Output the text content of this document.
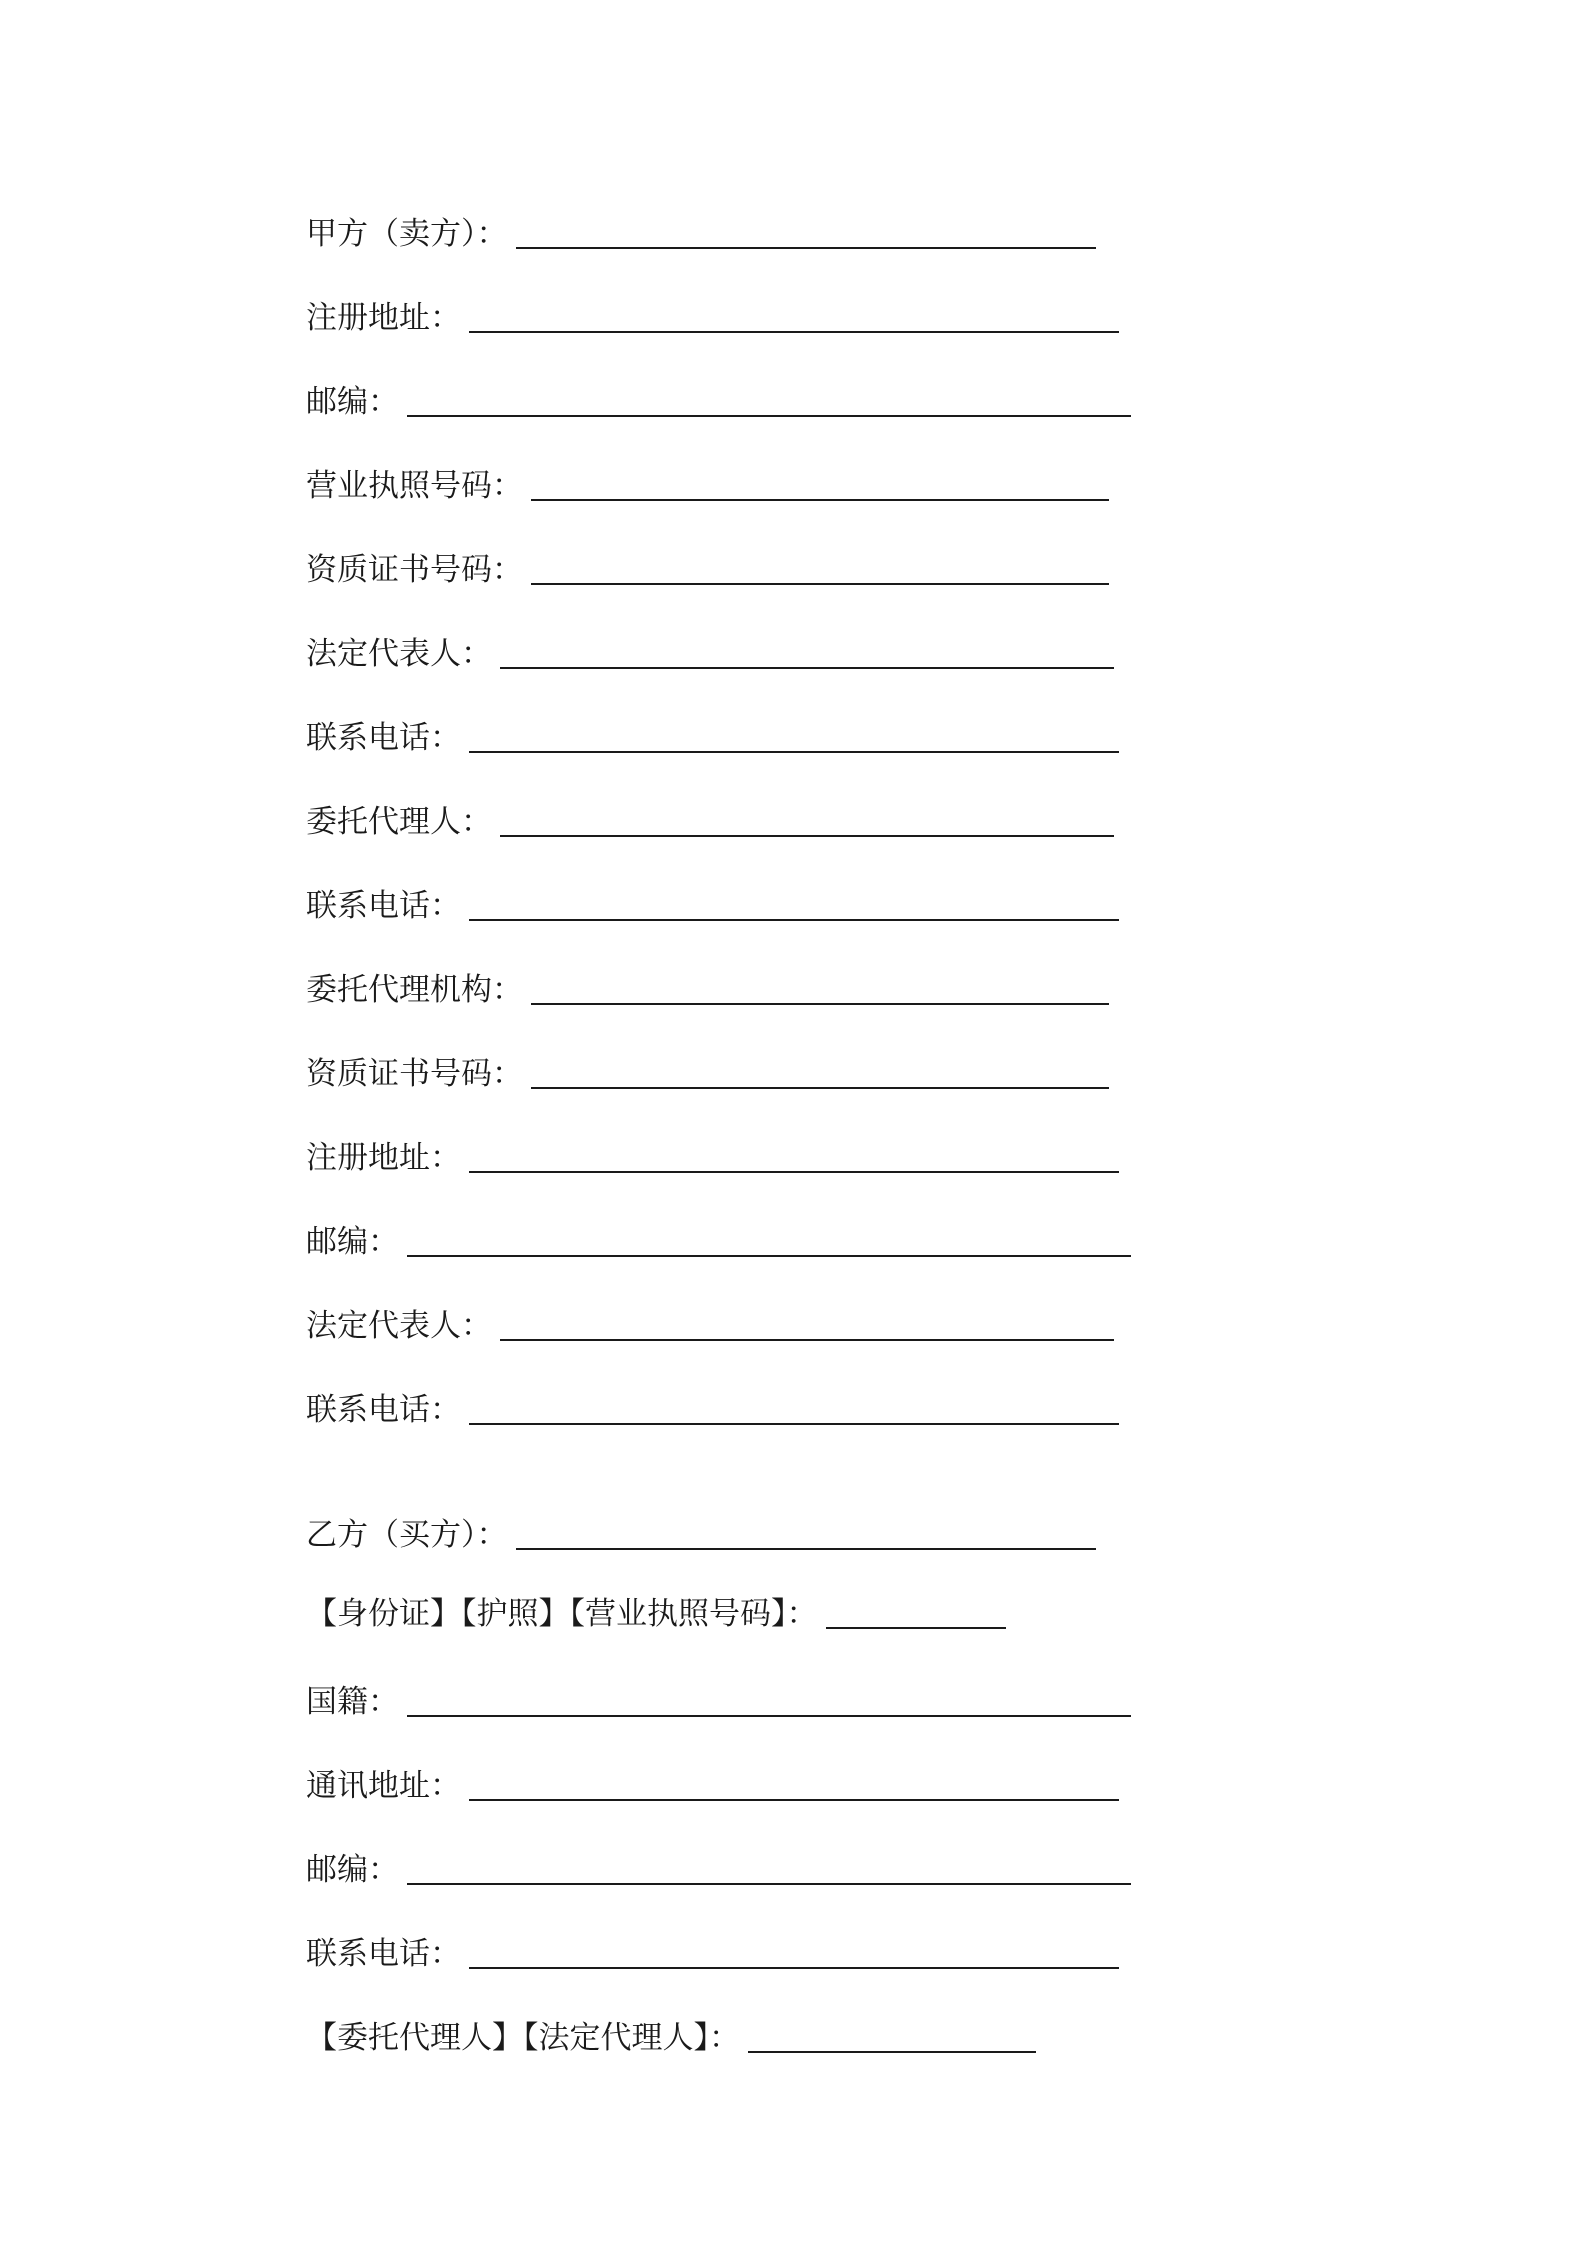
甲方（卖方）：
注册地址：
邮编：
营业执照号码：
资质证书号码：
法定代表人：
联系电话：
委托代理人：
联系电话：
委托代理机构：
资质证书号码：
注册地址：
邮编：
法定代表人：
联系电话：
乙方（买方）：
【身份证】【护照】【营业执照号码】：
国籍：
通讯地址：
邮编：
联系电话：
【委托代理人】【法定代理人】：
